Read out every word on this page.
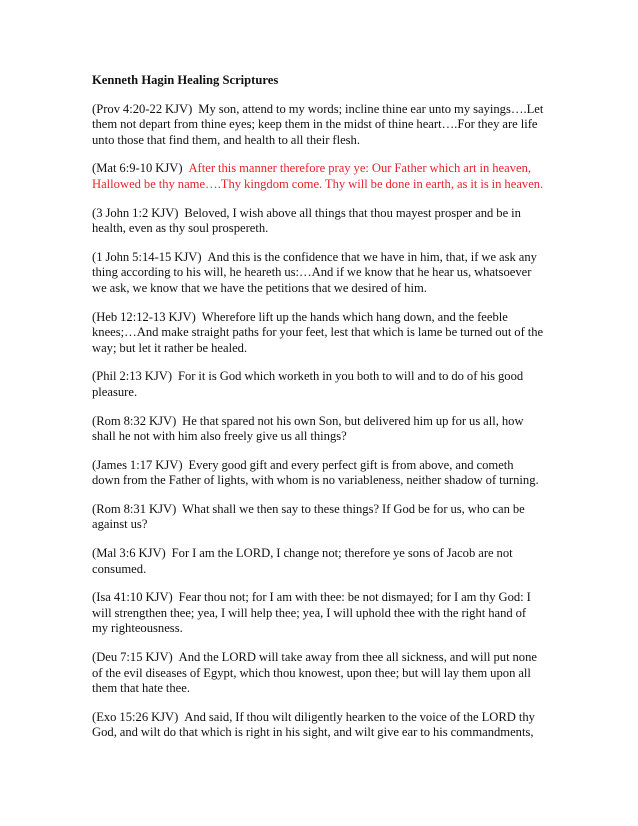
Kenneth Hagin Healing Scriptures
(Prov 4:20-22 KJV) My son, attend to my words; incline thine ear unto my sayings….Let them not depart from thine eyes; keep them in the midst of thine heart….For they are life unto those that find them, and health to all their flesh.
(Mat 6:9-10 KJV) After this manner therefore pray ye: Our Father which art in heaven, Hallowed be thy name….Thy kingdom come. Thy will be done in earth, as it is in heaven.
(3 John 1:2 KJV) Beloved, I wish above all things that thou mayest prosper and be in health, even as thy soul prospereth.
(1 John 5:14-15 KJV) And this is the confidence that we have in him, that, if we ask any thing according to his will, he heareth us:…And if we know that he hear us, whatsoever we ask, we know that we have the petitions that we desired of him.
(Heb 12:12-13 KJV) Wherefore lift up the hands which hang down, and the feeble knees;…And make straight paths for your feet, lest that which is lame be turned out of the way; but let it rather be healed.
(Phil 2:13 KJV) For it is God which worketh in you both to will and to do of his good pleasure.
(Rom 8:32 KJV) He that spared not his own Son, but delivered him up for us all, how shall he not with him also freely give us all things?
(James 1:17 KJV) Every good gift and every perfect gift is from above, and cometh down from the Father of lights, with whom is no variableness, neither shadow of turning.
(Rom 8:31 KJV) What shall we then say to these things? If God be for us, who can be against us?
(Mal 3:6 KJV) For I am the LORD, I change not; therefore ye sons of Jacob are not consumed.
(Isa 41:10 KJV) Fear thou not; for I am with thee: be not dismayed; for I am thy God: I will strengthen thee; yea, I will help thee; yea, I will uphold thee with the right hand of my righteousness.
(Deu 7:15 KJV) And the LORD will take away from thee all sickness, and will put none of the evil diseases of Egypt, which thou knowest, upon thee; but will lay them upon all them that hate thee.
(Exo 15:26 KJV) And said, If thou wilt diligently hearken to the voice of the LORD thy God, and wilt do that which is right in his sight, and wilt give ear to his commandments,
